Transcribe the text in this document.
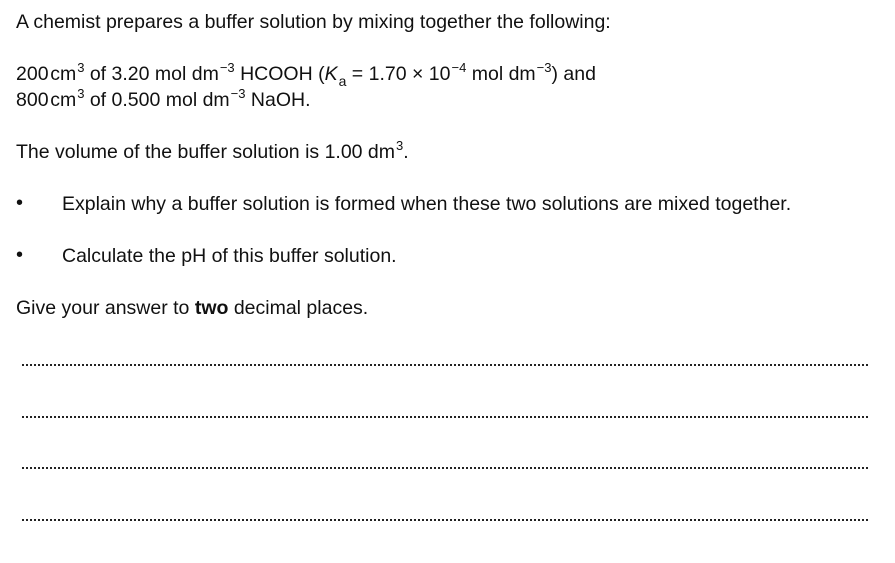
A chemist prepares a buffer solution by mixing together the following:
200 $cm^3$ of 3.20 mol $dm^{-3}$ HCOOH ($K_a = 1.70 \times 10^{-4}$ mol $dm^{-3}$) and
800 $cm^3$ of 0.500 mol $dm^{-3}$ NaOH.
The volume of the buffer solution is 1.00 $dm^3$.
• Explain why a buffer solution is formed when these two solutions are mixed together.
• Calculate the pH of this buffer solution.
Give your answer to two decimal places.
